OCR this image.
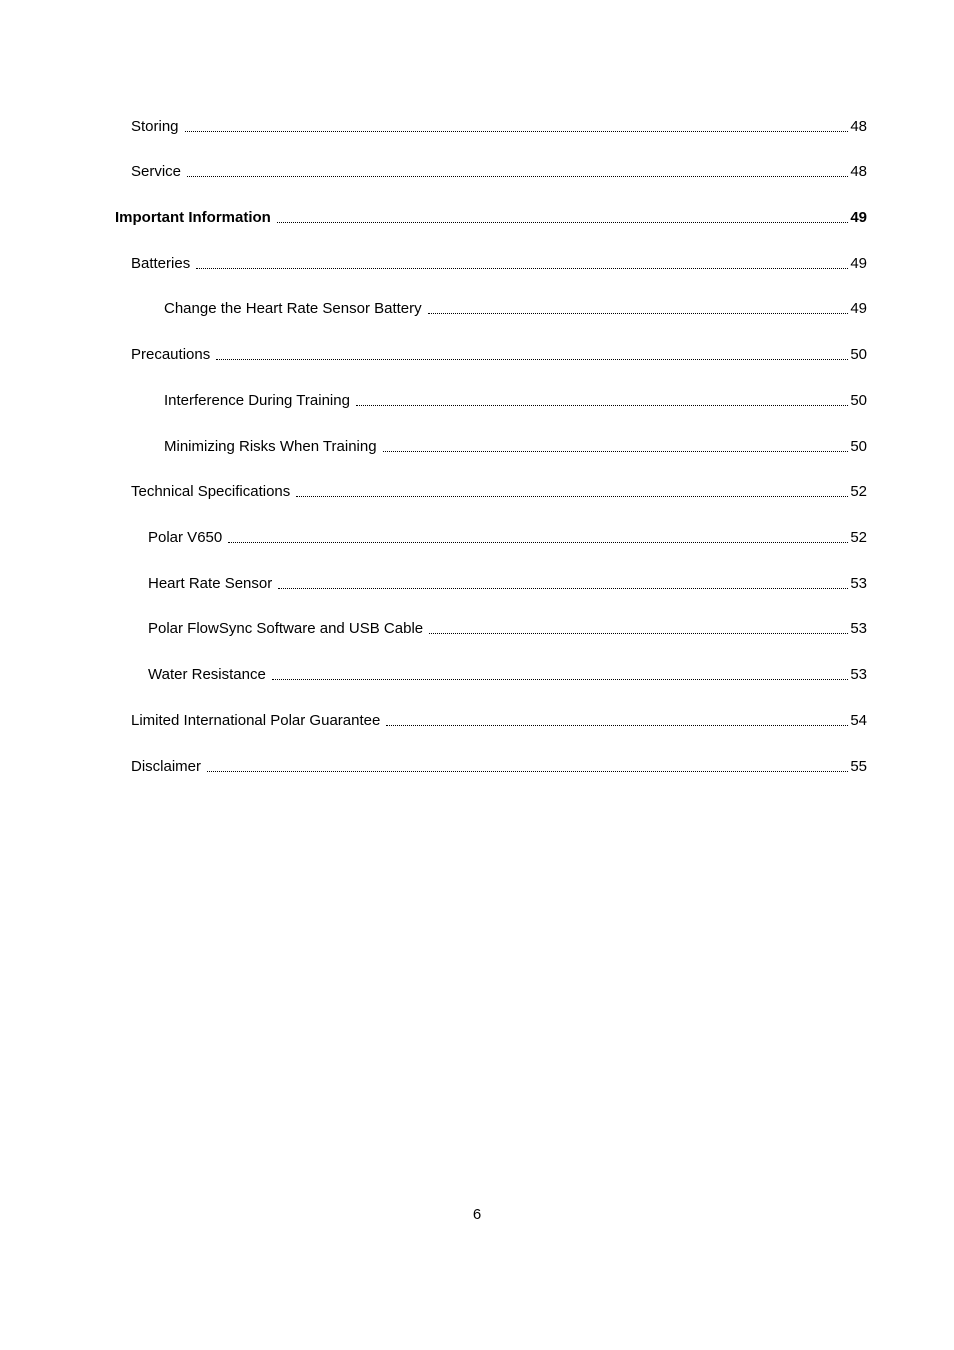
Storing	48
Service	48
Important Information	49
Batteries	49
Change the Heart Rate Sensor Battery	49
Precautions	50
Interference During Training	50
Minimizing Risks When Training	50
Technical Specifications	52
Polar V650	52
Heart Rate Sensor	53
Polar FlowSync Software and USB Cable	53
Water Resistance	53
Limited International Polar Guarantee	54
Disclaimer	55
6
